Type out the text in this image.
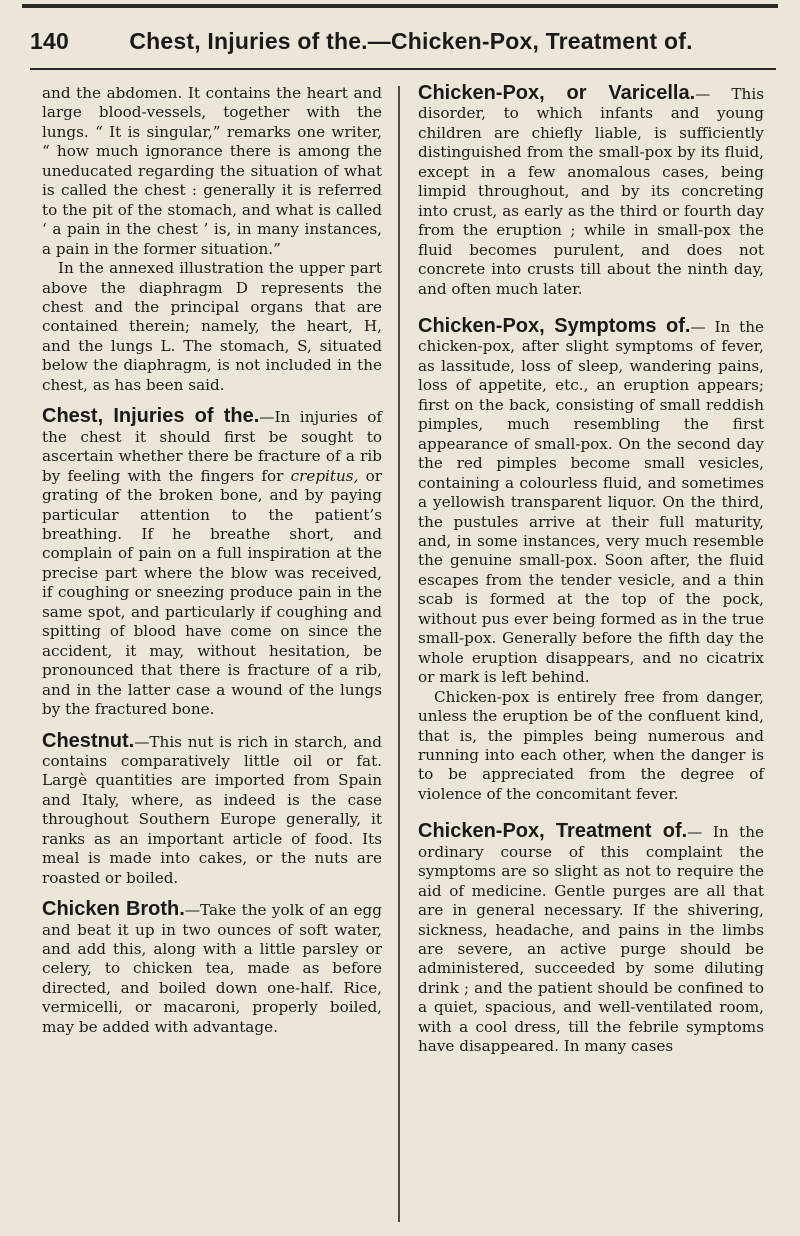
140	Chest, Injuries of the.—Chicken-Pox, Treatment of.

and the abdomen. It contains the heart and large blood-vessels, together with the lungs. “ It is singular,” remarks one writer, “ how much ignorance there is among the uneducated regarding the situation of what is called the chest : generally it is referred to the pit of the stomach, and what is called ‘ a pain in the chest ’ is, in many instances, a pain in the former situation.”

In the annexed illustration the upper part above the diaphragm D represents the chest and the principal organs that are contained therein; namely, the heart, H, and the lungs L. The stomach, S, situated below the diaphragm, is not included in the chest, as has been said.

Chest, Injuries of the.—In injuries of the chest it should first be sought to ascertain whether there be fracture of a rib by feeling with the fingers for crepitus, or grating of the broken bone, and by paying particular attention to the patient’s breathing. If he breathe short, and complain of pain on a full inspiration at the precise part where the blow was received, if coughing or sneezing produce pain in the same spot, and particularly if coughing and spitting of blood have come on since the accident, it may, without hesitation, be pronounced that there is fracture of a rib, and in the latter case a wound of the lungs by the fractured bone.

Chestnut.—This nut is rich in starch, and contains comparatively little oil or fat. Largè quantities are imported from Spain and Italy, where, as indeed is the case throughout Southern Europe generally, it ranks as an important article of food. Its meal is made into cakes, or the nuts are roasted or boiled.

Chicken Broth.—Take the yolk of an egg and beat it up in two ounces of soft water, and add this, along with a little parsley or celery, to chicken tea, made as before directed, and boiled down one-half. Rice, vermicelli, or macaroni, properly boiled, may be added with advantage.

Chicken-Pox, or Varicella.— This disorder, to which infants and young children are chiefly liable, is sufficiently distinguished from the small-pox by its fluid, except in a few anomalous cases, being limpid throughout, and by its concreting into crust, as early as the third or fourth day from the eruption ; while in small-pox the fluid becomes purulent, and does not concrete into crusts till about the ninth day, and often much later.

Chicken-Pox, Symptoms of.— In the chicken-pox, after slight symptoms of fever, as lassitude, loss of sleep, wandering pains, loss of appetite, etc., an eruption appears; first on the back, consisting of small reddish pimples, much resembling the first appearance of small-pox. On the second day the red pimples become small vesicles, containing a colourless fluid, and sometimes a yellowish transparent liquor. On the third, the pustules arrive at their full maturity, and, in some instances, very much resemble the genuine small-pox. Soon after, the fluid escapes from the tender vesicle, and a thin scab is formed at the top of the pock, without pus ever being formed as in the true small-pox. Generally before the fifth day the whole eruption disappears, and no cicatrix or mark is left behind.

Chicken-pox is entirely free from danger, unless the eruption be of the confluent kind, that is, the pimples being numerous and running into each other, when the danger is to be appreciated from the degree of violence of the concomitant fever.

Chicken-Pox, Treatment of.— In the ordinary course of this complaint the symptoms are so slight as not to require the aid of medicine. Gentle purges are all that are in general necessary. If the shivering, sickness, headache, and pains in the limbs are severe, an active purge should be administered, succeeded by some diluting drink ; and the patient should be confined to a quiet, spacious, and well-ventilated room, with a cool dress, till the febrile symptoms have disappeared. In many cases
